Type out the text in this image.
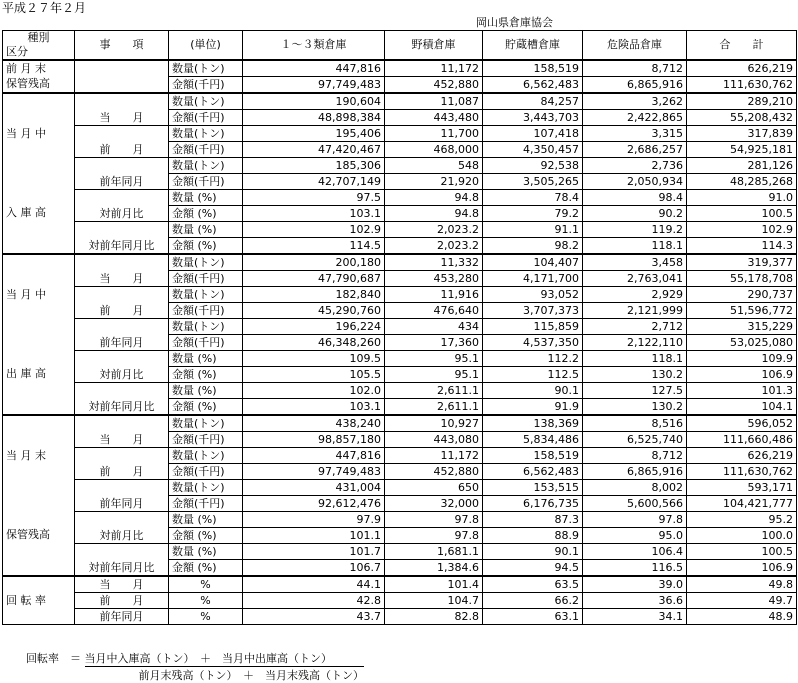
平成２７年２月
岡山県倉庫協会
種別
区分	事　　項	(単位)	１～３類倉庫	野積倉庫	貯蔵槽倉庫	危険品倉庫	合　　計

前 月 末
保管残高		数量(トン)	447,816	11,172	158,519	8,712	626,219
		金額(千円)	97,749,483	452,880	6,562,483	6,865,916	111,630,762

当 月 中
入 庫 高	当　　月	数量(トン)	190,604	11,087	84,257	3,262	289,210
		金額(千円)	48,898,384	443,480	3,443,703	2,422,865	55,208,432
	前　　月	数量(トン)	195,406	11,700	107,418	3,315	317,839
		金額(千円)	47,420,467	468,000	4,350,457	2,686,257	54,925,181
	前年同月	数量(トン)	185,306	548	92,538	2,736	281,126
		金額(千円)	42,707,149	21,920	3,505,265	2,050,934	48,285,268
	対前月比	数量 (%)	97.5	94.8	78.4	98.4	91.0
		金額 (%)	103.1	94.8	79.2	90.2	100.5
	対前年同月比	数量 (%)	102.9	2,023.2	91.1	119.2	102.9
		金額 (%)	114.5	2,023.2	98.2	118.1	114.3

当 月 中
出 庫 高	当　　月	数量(トン)	200,180	11,332	104,407	3,458	319,377
		金額(千円)	47,790,687	453,280	4,171,700	2,763,041	55,178,708
	前　　月	数量(トン)	182,840	11,916	93,052	2,929	290,737
		金額(千円)	45,290,760	476,640	3,707,373	2,121,999	51,596,772
	前年同月	数量(トン)	196,224	434	115,859	2,712	315,229
		金額(千円)	46,348,260	17,360	4,537,350	2,122,110	53,025,080
	対前月比	数量 (%)	109.5	95.1	112.2	118.1	109.9
		金額 (%)	105.5	95.1	112.5	130.2	106.9
	対前年同月比	数量 (%)	102.0	2,611.1	90.1	127.5	101.3
		金額 (%)	103.1	2,611.1	91.9	130.2	104.1

当 月 末
保管残高	当　　月	数量(トン)	438,240	10,927	138,369	8,516	596,052
		金額(千円)	98,857,180	443,080	5,834,486	6,525,740	111,660,486
	前　　月	数量(トン)	447,816	11,172	158,519	8,712	626,219
		金額(千円)	97,749,483	452,880	6,562,483	6,865,916	111,630,762
	前年同月	数量(トン)	431,004	650	153,515	8,002	593,171
		金額(千円)	92,612,476	32,000	6,176,735	5,600,566	104,421,777
	対前月比	数量 (%)	97.9	97.8	87.3	97.8	95.2
		金額 (%)	101.1	97.8	88.9	95.0	100.0
	対前年同月比	数量 (%)	101.7	1,681.1	90.1	106.4	100.5
		金額 (%)	106.7	1,384.6	94.5	116.5	106.9

回 転 率	当　　月	%	44.1	101.4	63.5	39.0	49.8
	前　　月	%	42.8	104.7	66.2	36.6	49.7
	前年同月	%	43.7	82.8	63.1	34.1	48.9
回転率　＝ $\frac{\text{当月中入庫高（トン）　＋　当月中出庫高（トン）}}{\text{前月末残高（トン）　＋　当月末残高（トン）}}$
